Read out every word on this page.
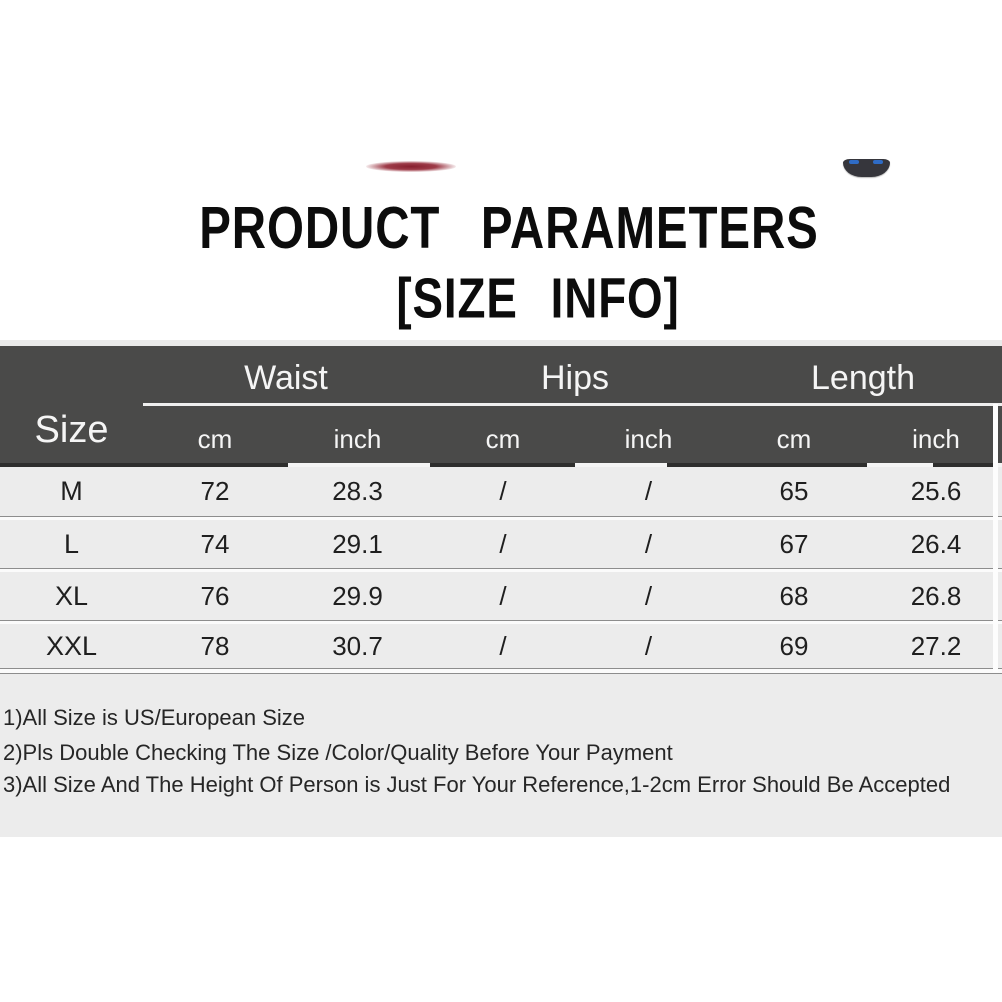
PRODUCT PARAMETERS
[SIZE INFO]
Size
Waist	Hips	Length
cm	inch	cm	inch	cm	inch
M	72	28.3	/	/	65	25.6
L	74	29.1	/	/	67	26.4
XL	76	29.9	/	/	68	26.8
XXL	78	30.7	/	/	69	27.2
1)All Size is US/European Size
2)Pls Double Checking The Size /Color/Quality Before Your Payment
3)All Size And The Height Of Person is Just For Your Reference,1-2cm Error Should Be Accepted
